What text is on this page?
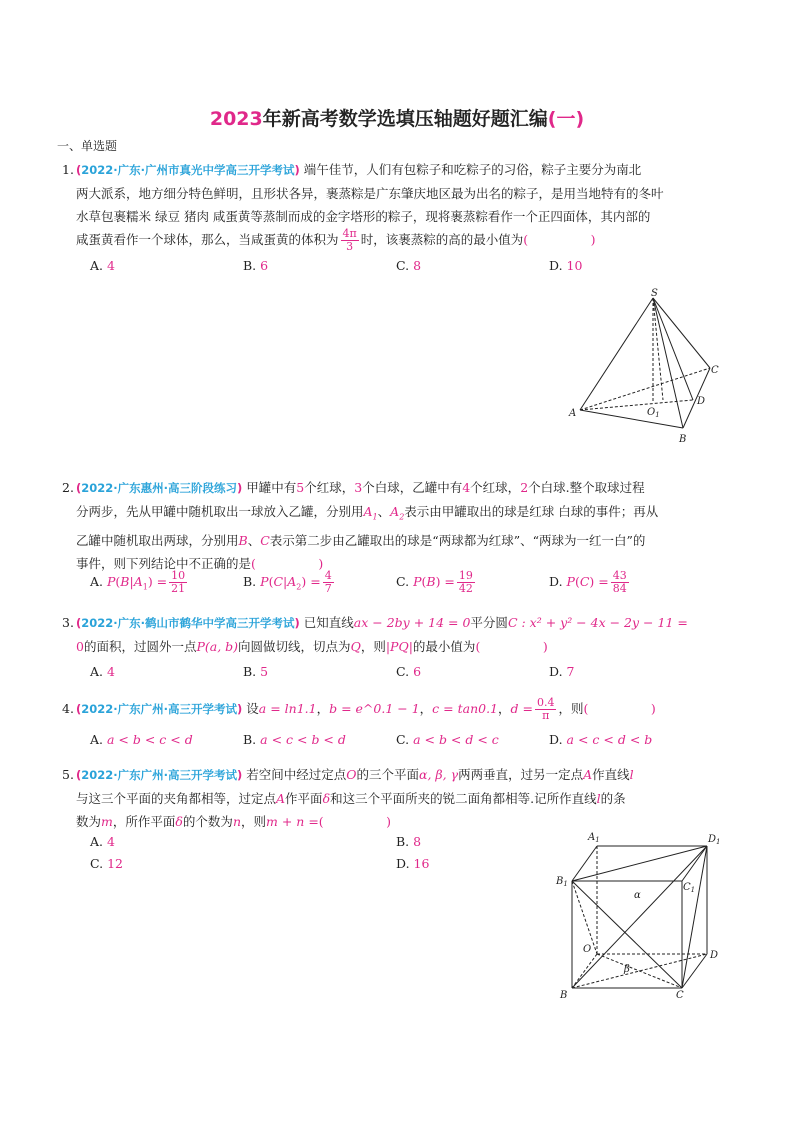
2023年新高考数学选填压轴题好题汇编(一)
一、单选题
1. (2022·广东·广州市真光中学高三开学考试) 端午佳节，人们有包粽子和吃粽子的习俗，粽子主要分为南北
两大派系，地方细分特色鲜明，且形状各异，裹蒸粽是广东肇庆地区最为出名的粽子，是用当地特有的冬叶
水草包裹糯米 绿豆 猪肉 咸蛋黄等蒸制而成的金字塔形的粽子，现将裹蒸粽看作一个正四面体，其内部的
咸蛋黄看作一个球体，那么，当咸蛋黄的体积为 $\frac{4\pi}{3}$ 时，该裹蒸粽的高的最小值为(　　　　　)
A. 4	B. 6	C. 8	D. 10
S
A
B
C
D
$O_1$
2. (2022·广东惠州·高三阶段练习) 甲罐中有5个红球，3个白球，乙罐中有4个红球，2个白球.整个取球过程
分两步，先从甲罐中随机取出一球放入乙罐，分别用$A_1$、$A_2$表示由甲罐取出的球是红球 白球的事件；再从
乙罐中随机取出两球，分别用B、C表示第二步由乙罐取出的球是“两球都为红球”、“两球为一红一白”的
事件，则下列结论中不正确的是(　　　　　)
A. $P(B|A_1) = \frac{10}{21}$	B. $P(C|A_2) = \frac{4}{7}$	C. $P(B) = \frac{19}{42}$	D. $P(C) = \frac{43}{84}$
3. (2022·广东·鹤山市鹤华中学高三开学考试) 已知直线ax − 2by + 14 = 0平分圆C : x² + y² − 4x − 2y − 11 =
0的面积，过圆外一点P(a, b)向圆做切线，切点为Q，则|PQ|的最小值为(　　　　　)
A. 4	B. 5	C. 6	D. 7
4. (2022·广东广州·高三开学考试) 设a = ln1.1，b = e^0.1 − 1，c = tan0.1，$d = \frac{0.4}{\pi}$ ，则(　　　　　)
A. a < b < c < d	B. a < c < b < d	C. a < b < d < c	D. a < c < d < b
5. (2022·广东广州·高三开学考试) 若空间中经过定点O的三个平面α, β, γ两两垂直，过另一定点A作直线l
与这三个平面的夹角都相等，过定点A作平面δ和这三个平面所夹的锐二面角都相等.记所作直线l的条
数为m，所作平面δ的个数为n，则m + n =(　　　　　)
A. 4	B. 8
C. 12	D. 16
$A_1$	$D_1$
$B_1$	$C_1$
O
D
B	C
α
β
